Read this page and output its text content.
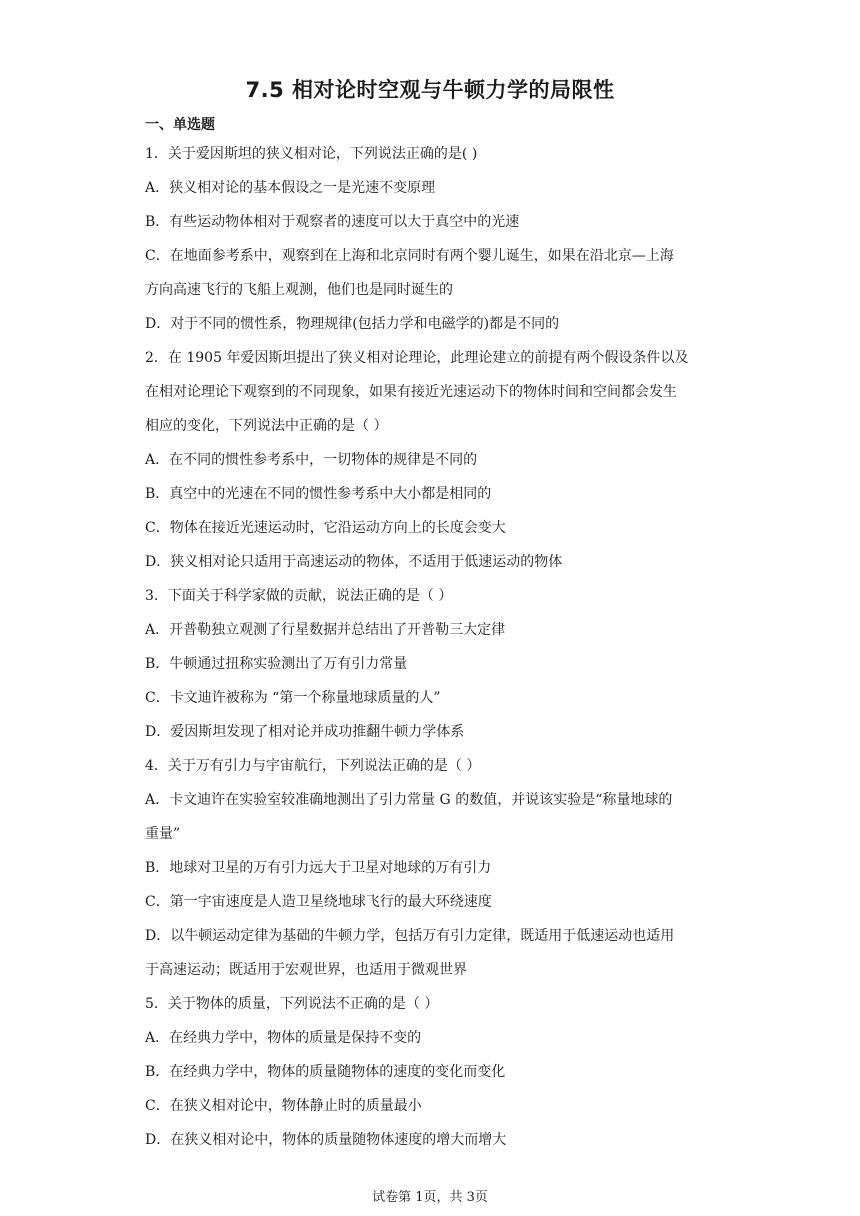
7.5 相对论时空观与牛顿力学的局限性
一、单选题
1．关于爱因斯坦的狭义相对论，下列说法正确的是( )
A．狭义相对论的基本假设之一是光速不变原理
B．有些运动物体相对于观察者的速度可以大于真空中的光速
C．在地面参考系中，观察到在上海和北京同时有两个婴儿诞生，如果在沿北京—上海
方向高速飞行的飞船上观测，他们也是同时诞生的
D．对于不同的惯性系，物理规律(包括力学和电磁学的)都是不同的
2．在 1905 年爱因斯坦提出了狭义相对论理论，此理论建立的前提有两个假设条件以及
在相对论理论下观察到的不同现象，如果有接近光速运动下的物体时间和空间都会发生
相应的变化，下列说法中正确的是（ ）
A．在不同的惯性参考系中，一切物体的规律是不同的
B．真空中的光速在不同的惯性参考系中大小都是相同的
C．物体在接近光速运动时，它沿运动方向上的长度会变大
D．狭义相对论只适用于高速运动的物体，不适用于低速运动的物体
3．下面关于科学家做的贡献，说法正确的是（ ）
A．开普勒独立观测了行星数据并总结出了开普勒三大定律
B．牛顿通过扭称实验测出了万有引力常量
C．卡文迪许被称为 “第一个称量地球质量的人”
D．爱因斯坦发现了相对论并成功推翻牛顿力学体系
4．关于万有引力与宇宙航行，下列说法正确的是（ ）
A．卡文迪许在实验室较准确地测出了引力常量 G 的数值，并说该实验是“称量地球的
重量”
B．地球对卫星的万有引力远大于卫星对地球的万有引力
C．第一宇宙速度是人造卫星绕地球飞行的最大环绕速度
D．以牛顿运动定律为基础的牛顿力学，包括万有引力定律，既适用于低速运动也适用
于高速运动；既适用于宏观世界，也适用于微观世界
5．关于物体的质量，下列说法不正确的是（ ）
A．在经典力学中，物体的质量是保持不变的
B．在经典力学中，物体的质量随物体的速度的变化而变化
C．在狭义相对论中，物体静止时的质量最小
D．在狭义相对论中，物体的质量随物体速度的增大而增大
试卷第 1页，共 3页
